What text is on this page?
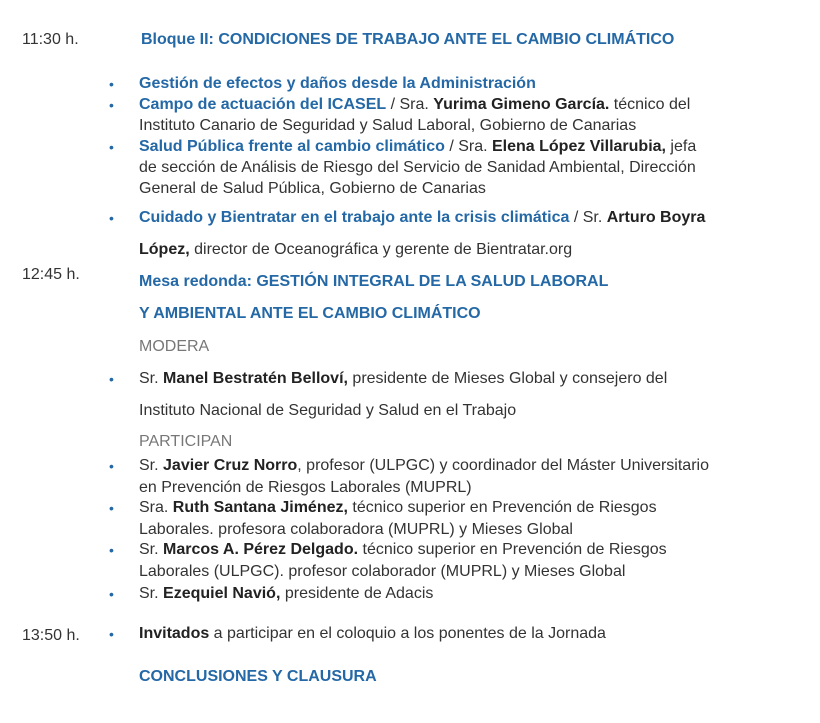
11:30 h.
12:45 h.
13:50 h.
Bloque II: CONDICIONES DE TRABAJO ANTE EL CAMBIO CLIMÁTICO
• Gestión de efectos y daños desde la Administración
• Campo de actuación del ICASEL / Sra. Yurima Gimeno García. técnico del
Instituto Canario de Seguridad y Salud Laboral, Gobierno de Canarias
• Salud Pública frente al cambio climático / Sra. Elena López Villarubia, jefa
de sección de Análisis de Riesgo del Servicio de Sanidad Ambiental, Dirección
General de Salud Pública, Gobierno de Canarias
• Cuidado y Bientratar en el trabajo ante la crisis climática / Sr. Arturo Boyra
López, director de Oceanográfica y gerente de Bientratar.org
Mesa redonda: GESTIÓN INTEGRAL DE LA SALUD LABORAL
Y AMBIENTAL ANTE EL CAMBIO CLIMÁTICO
MODERA
• Sr. Manel Bestratén Belloví, presidente de Mieses Global y consejero del
Instituto Nacional de Seguridad y Salud en el Trabajo
PARTICIPAN
• Sr. Javier Cruz Norro, profesor (ULPGC) y coordinador del Máster Universitario
en Prevención de Riesgos Laborales (MUPRL)
• Sra. Ruth Santana Jiménez, técnico superior en Prevención de Riesgos
Laborales. profesora colaboradora (MUPRL) y Mieses Global
• Sr. Marcos A. Pérez Delgado. técnico superior en Prevención de Riesgos
Laborales (ULPGC). profesor colaborador (MUPRL) y Mieses Global
• Sr. Ezequiel Navió, presidente de Adacis
• Invitados a participar en el coloquio a los ponentes de la Jornada
CONCLUSIONES Y CLAUSURA
